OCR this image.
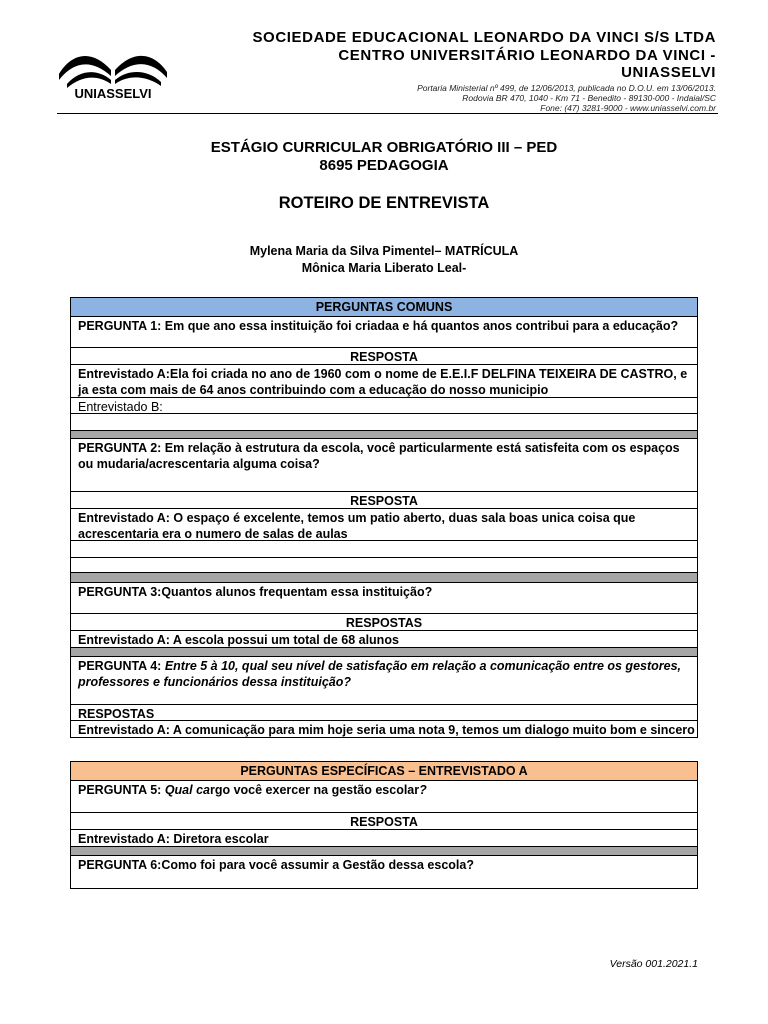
UNIASSELVI
SOCIEDADE EDUCACIONAL LEONARDO DA VINCI S/S LTDA
CENTRO UNIVERSITÁRIO LEONARDO DA VINCI -
UNIASSELVI
Portaria Ministerial nº 499, de 12/06/2013, publicada no D.O.U. em 13/06/2013.
Rodovia BR 470, 1040 - Km 71 - Benedito - 89130-000 - Indaial/SC
Fone: (47) 3281-9000 - www.uniasselvi.com.br
ESTÁGIO CURRICULAR OBRIGATÓRIO III – PED
8695 PEDAGOGIA
ROTEIRO DE ENTREVISTA
Mylena Maria da Silva Pimentel– MATRÍCULA
Mônica Maria Liberato Leal-
PERGUNTAS COMUNS
PERGUNTA 1: Em que ano essa instituição foi criadaa e há quantos anos contribui para a educação?
RESPOSTA
Entrevistado A:Ela foi criada no ano de 1960 com o nome de E.E.I.F DELFINA TEIXEIRA DE CASTRO, e ja esta com mais de 64 anos contribuindo com a educação do nosso municipio
Entrevistado B:
PERGUNTA 2: Em relação à estrutura da escola, você particularmente está satisfeita com os espaços ou mudaria/acrescentaria alguma coisa?
RESPOSTA
Entrevistado A: O espaço é excelente, temos um patio aberto, duas sala boas unica coisa que acrescentaria era o numero de salas de aulas
PERGUNTA 3:Quantos alunos frequentam essa instituição?
RESPOSTAS
Entrevistado A: A escola possui um total de 68 alunos
PERGUNTA 4: Entre 5 à 10, qual seu nível de satisfação em relação a comunicação entre os gestores, professores e funcionários dessa instituição?
RESPOSTAS
Entrevistado A: A comunicação para mim hoje seria uma nota 9, temos um dialogo muito bom e sincero
PERGUNTAS ESPECÍFICAS – ENTREVISTADO A
PERGUNTA 5: Qual cargo você exercer na gestão escolar?
RESPOSTA
Entrevistado A: Diretora escolar
PERGUNTA 6:Como foi para você assumir a Gestão dessa escola?
Versão 001.2021.1
